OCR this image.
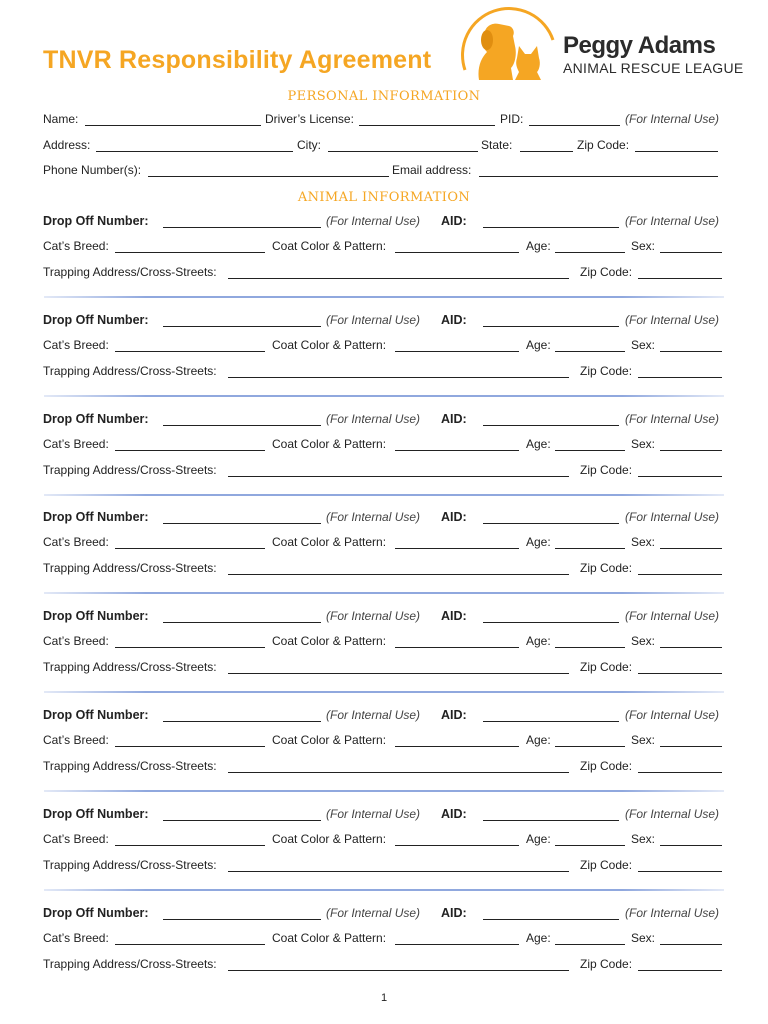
TNVR Responsibility Agreement
Peggy Adams
ANIMAL RESCUE LEAGUE
PERSONAL INFORMATION
Name:	Driver’s License:	PID:	(For Internal Use)
Address:	City:	State:	Zip Code:
Phone Number(s):	Email address:
ANIMAL INFORMATION
Drop Off Number:	(For Internal Use) AID:	(For Internal Use)
Cat’s Breed:	Coat Color & Pattern:	Age:	Sex:
Trapping Address/Cross-Streets:	Zip Code:
Drop Off Number:	(For Internal Use) AID:	(For Internal Use)
Cat’s Breed:	Coat Color & Pattern:	Age:	Sex:
Trapping Address/Cross-Streets:	Zip Code:
Drop Off Number:	(For Internal Use) AID:	(For Internal Use)
Cat’s Breed:	Coat Color & Pattern:	Age:	Sex:
Trapping Address/Cross-Streets:	Zip Code:
Drop Off Number:	(For Internal Use) AID:	(For Internal Use)
Cat’s Breed:	Coat Color & Pattern:	Age:	Sex:
Trapping Address/Cross-Streets:	Zip Code:
Drop Off Number:	(For Internal Use) AID:	(For Internal Use)
Cat’s Breed:	Coat Color & Pattern:	Age:	Sex:
Trapping Address/Cross-Streets:	Zip Code:
Drop Off Number:	(For Internal Use) AID:	(For Internal Use)
Cat’s Breed:	Coat Color & Pattern:	Age:	Sex:
Trapping Address/Cross-Streets:	Zip Code:
Drop Off Number:	(For Internal Use) AID:	(For Internal Use)
Cat’s Breed:	Coat Color & Pattern:	Age:	Sex:
Trapping Address/Cross-Streets:	Zip Code:
Drop Off Number:	(For Internal Use) AID:	(For Internal Use)
Cat’s Breed:	Coat Color & Pattern:	Age:	Sex:
Trapping Address/Cross-Streets:	Zip Code:
1
